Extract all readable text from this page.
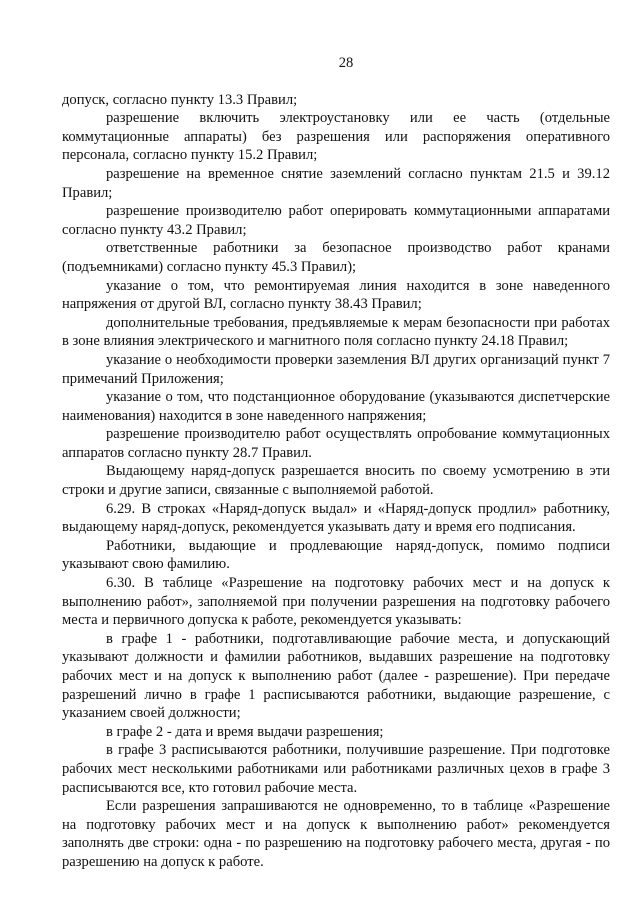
28

допуск, согласно пункту 13.3 Правил;

разрешение включить электроустановку или ее часть (отдельные коммутационные аппараты) без разрешения или распоряжения оперативного персонала, согласно пункту 15.2 Правил;

разрешение на временное снятие заземлений согласно пунктам 21.5 и 39.12 Правил;

разрешение производителю работ оперировать коммутационными аппаратами согласно пункту 43.2 Правил;

ответственные работники за безопасное производство работ кранами (подъемниками) согласно пункту 45.3 Правил);

указание о том, что ремонтируемая линия находится в зоне наведенного напряжения от другой ВЛ, согласно пункту 38.43 Правил;

дополнительные требования, предъявляемые к мерам безопасности при работах в зоне влияния электрического и магнитного поля согласно пункту 24.18 Правил;

указание о необходимости проверки заземления ВЛ других организаций пункт 7 примечаний Приложения;

указание о том, что подстанционное оборудование (указываются диспетчерские наименования) находится в зоне наведенного напряжения;

разрешение производителю работ осуществлять опробование коммутационных аппаратов согласно пункту 28.7 Правил.

Выдающему наряд-допуск разрешается вносить по своему усмотрению в эти строки и другие записи, связанные с выполняемой работой.

6.29. В строках «Наряд-допуск выдал» и «Наряд-допуск продлил» работнику, выдающему наряд-допуск, рекомендуется указывать дату и время его подписания.

Работники, выдающие и продлевающие наряд-допуск, помимо подписи указывают свою фамилию.

6.30. В таблице «Разрешение на подготовку рабочих мест и на допуск к выполнению работ», заполняемой при получении разрешения на подготовку рабочего места и первичного допуска к работе, рекомендуется указывать:

в графе 1 - работники, подготавливающие рабочие места, и допускающий указывают должности и фамилии работников, выдавших разрешение на подготовку рабочих мест и на допуск к выполнению работ (далее - разрешение). При передаче разрешений лично в графе 1 расписываются работники, выдающие разрешение, с указанием своей должности;

в графе 2 - дата и время выдачи разрешения;

в графе 3 расписываются работники, получившие разрешение. При подготовке рабочих мест несколькими работниками или работниками различных цехов в графе 3 расписываются все, кто готовил рабочие места.

Если разрешения запрашиваются не одновременно, то в таблице «Разрешение на подготовку рабочих мест и на допуск к выполнению работ» рекомендуется заполнять две строки: одна - по разрешению на подготовку рабочего места, другая - по разрешению на допуск к работе.
